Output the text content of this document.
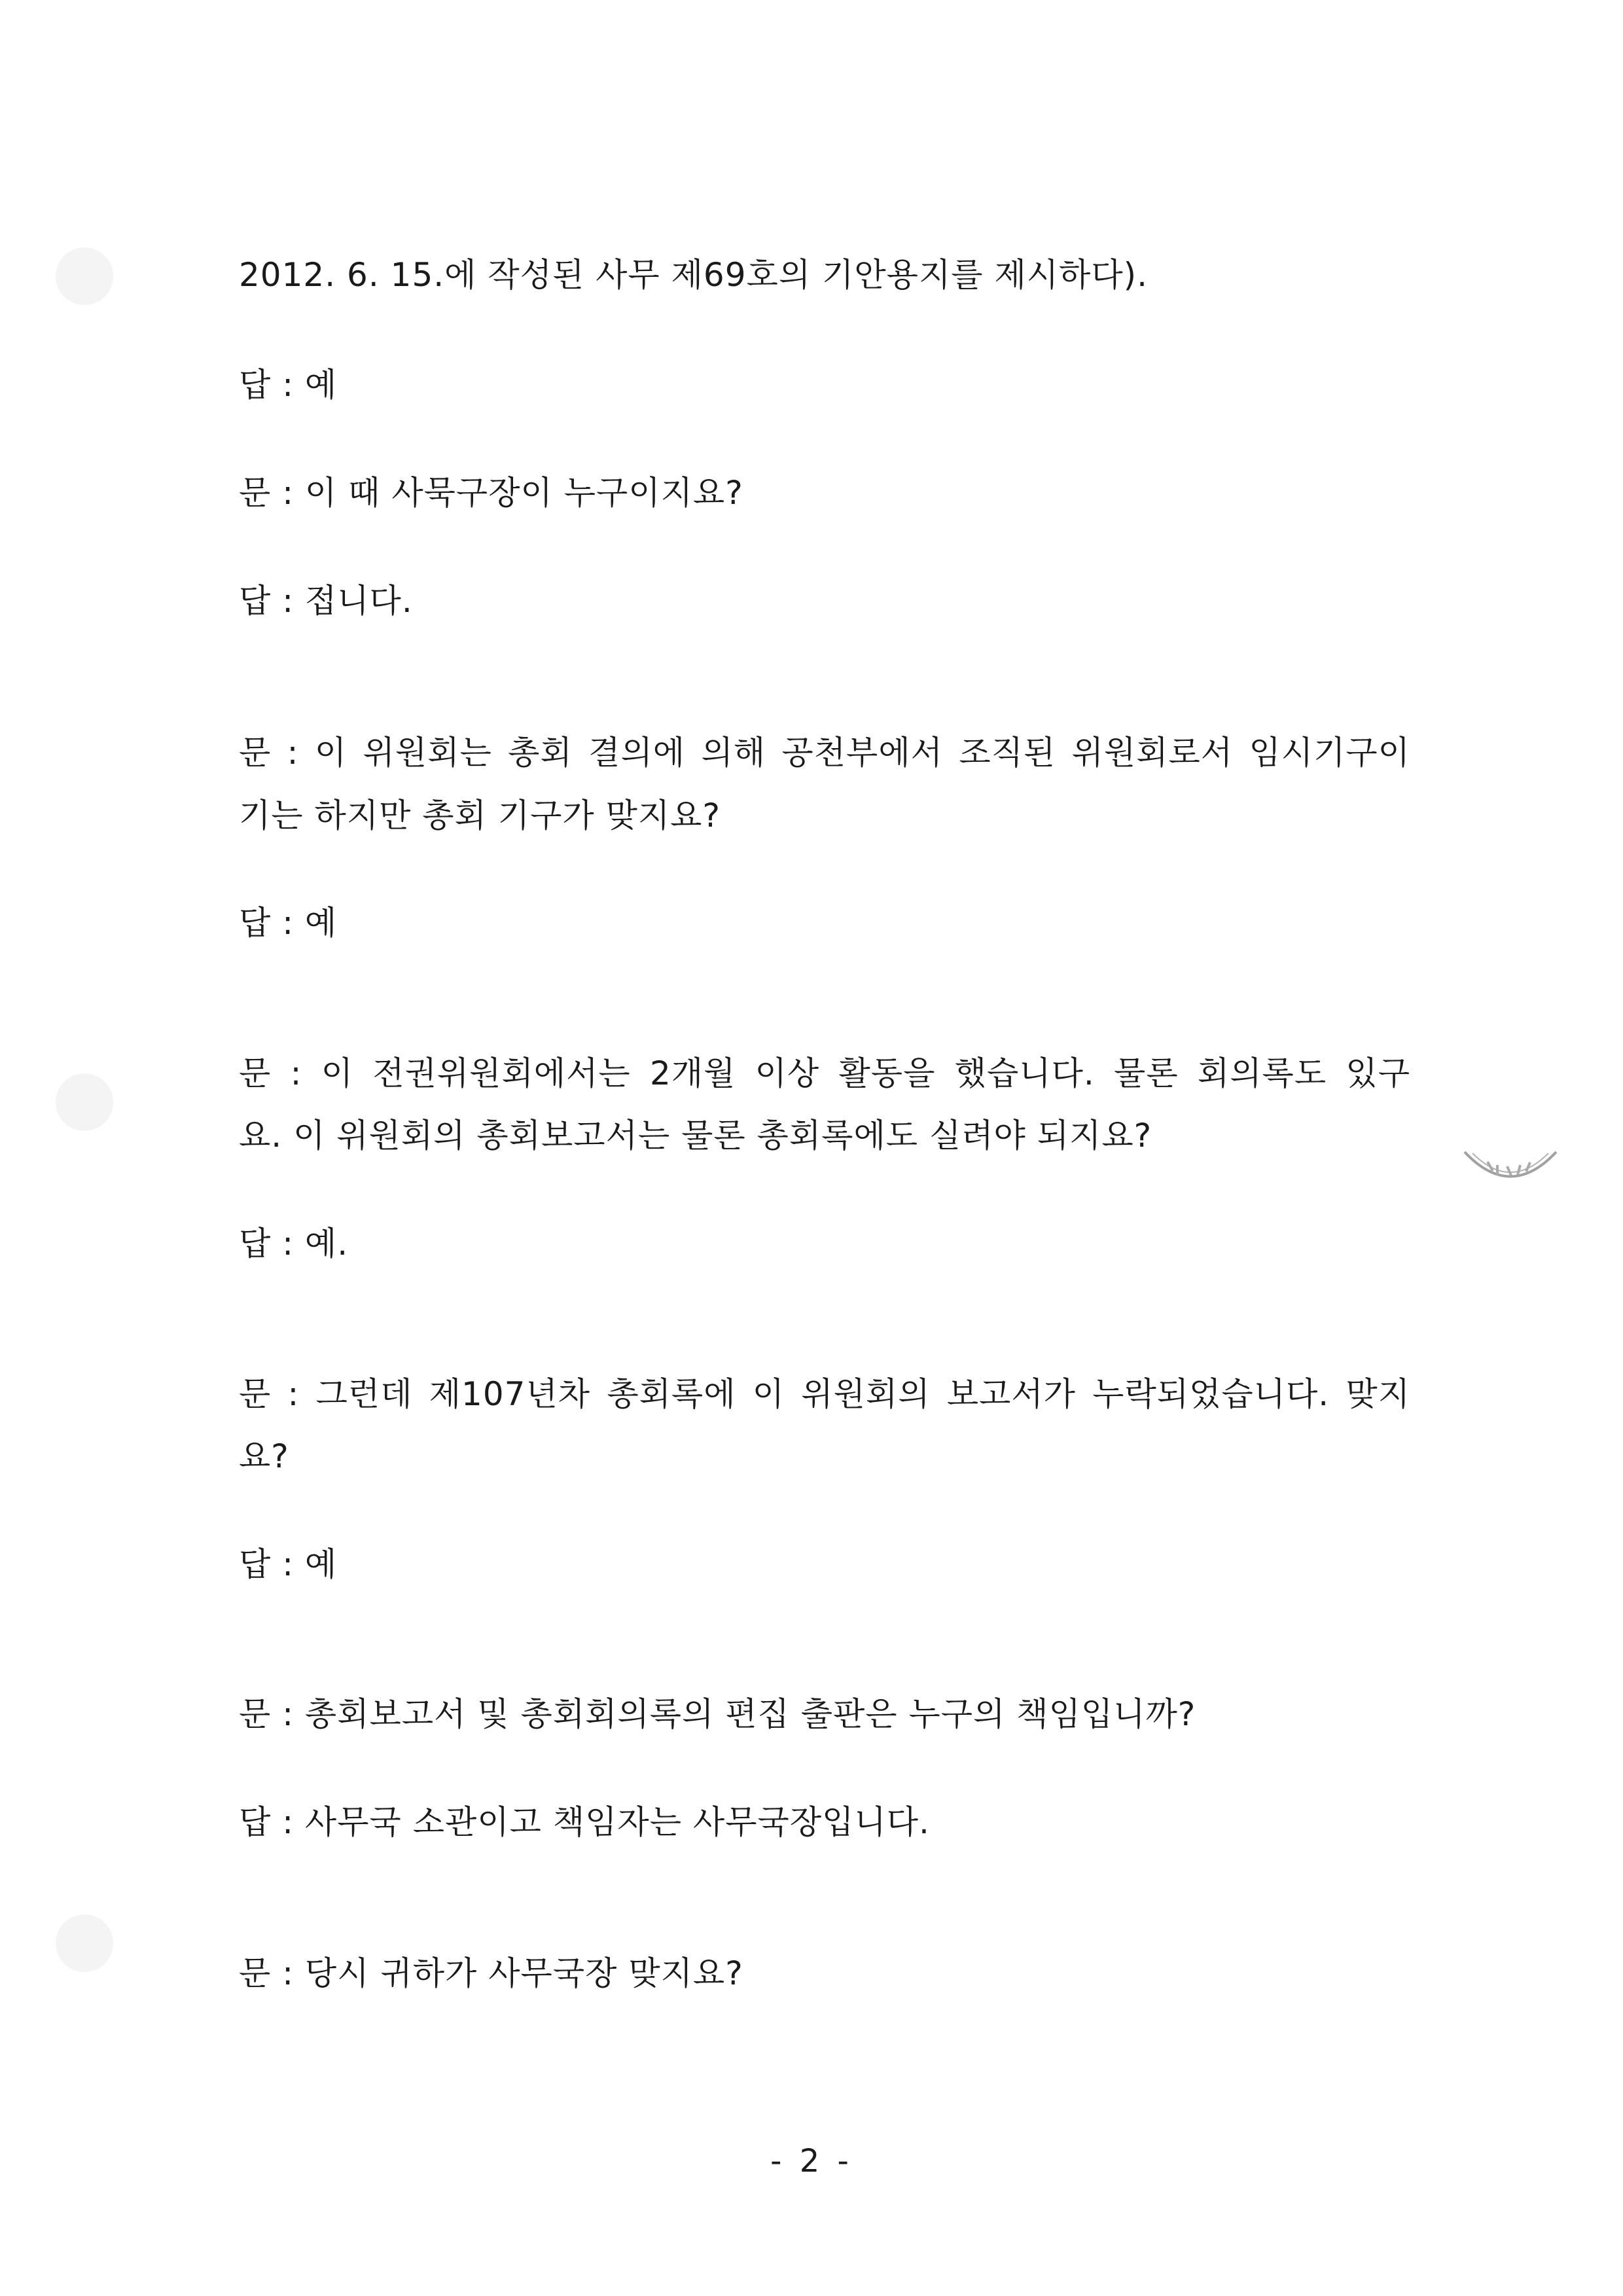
2012. 6. 15.에 작성된 사무 제69호의 기안용지를 제시하다).
답 : 예
문 : 이 때 사묵구장이 누구이지요?
답 : 접니다.
문 : 이 위원회는 총회 결의에 의해 공천부에서 조직된 위원회로서 임시기구이
기는 하지만 총회 기구가 맞지요?
답 : 예
문 : 이 전권위원회에서는 2개월 이상 활동을 했습니다. 물론 회의록도 있구
요. 이 위원회의 총회보고서는 물론 총회록에도 실려야 되지요?
답 : 예.
문 : 그런데 제107년차 총회록에 이 위원회의 보고서가 누락되었습니다. 맞지
요?
답 : 예
문 : 총회보고서 및 총회회의록의 편집 출판은 누구의 책임입니까?
답 : 사무국 소관이고 책임자는 사무국장입니다.
문 : 당시 귀하가 사무국장 맞지요?
- 2 -
